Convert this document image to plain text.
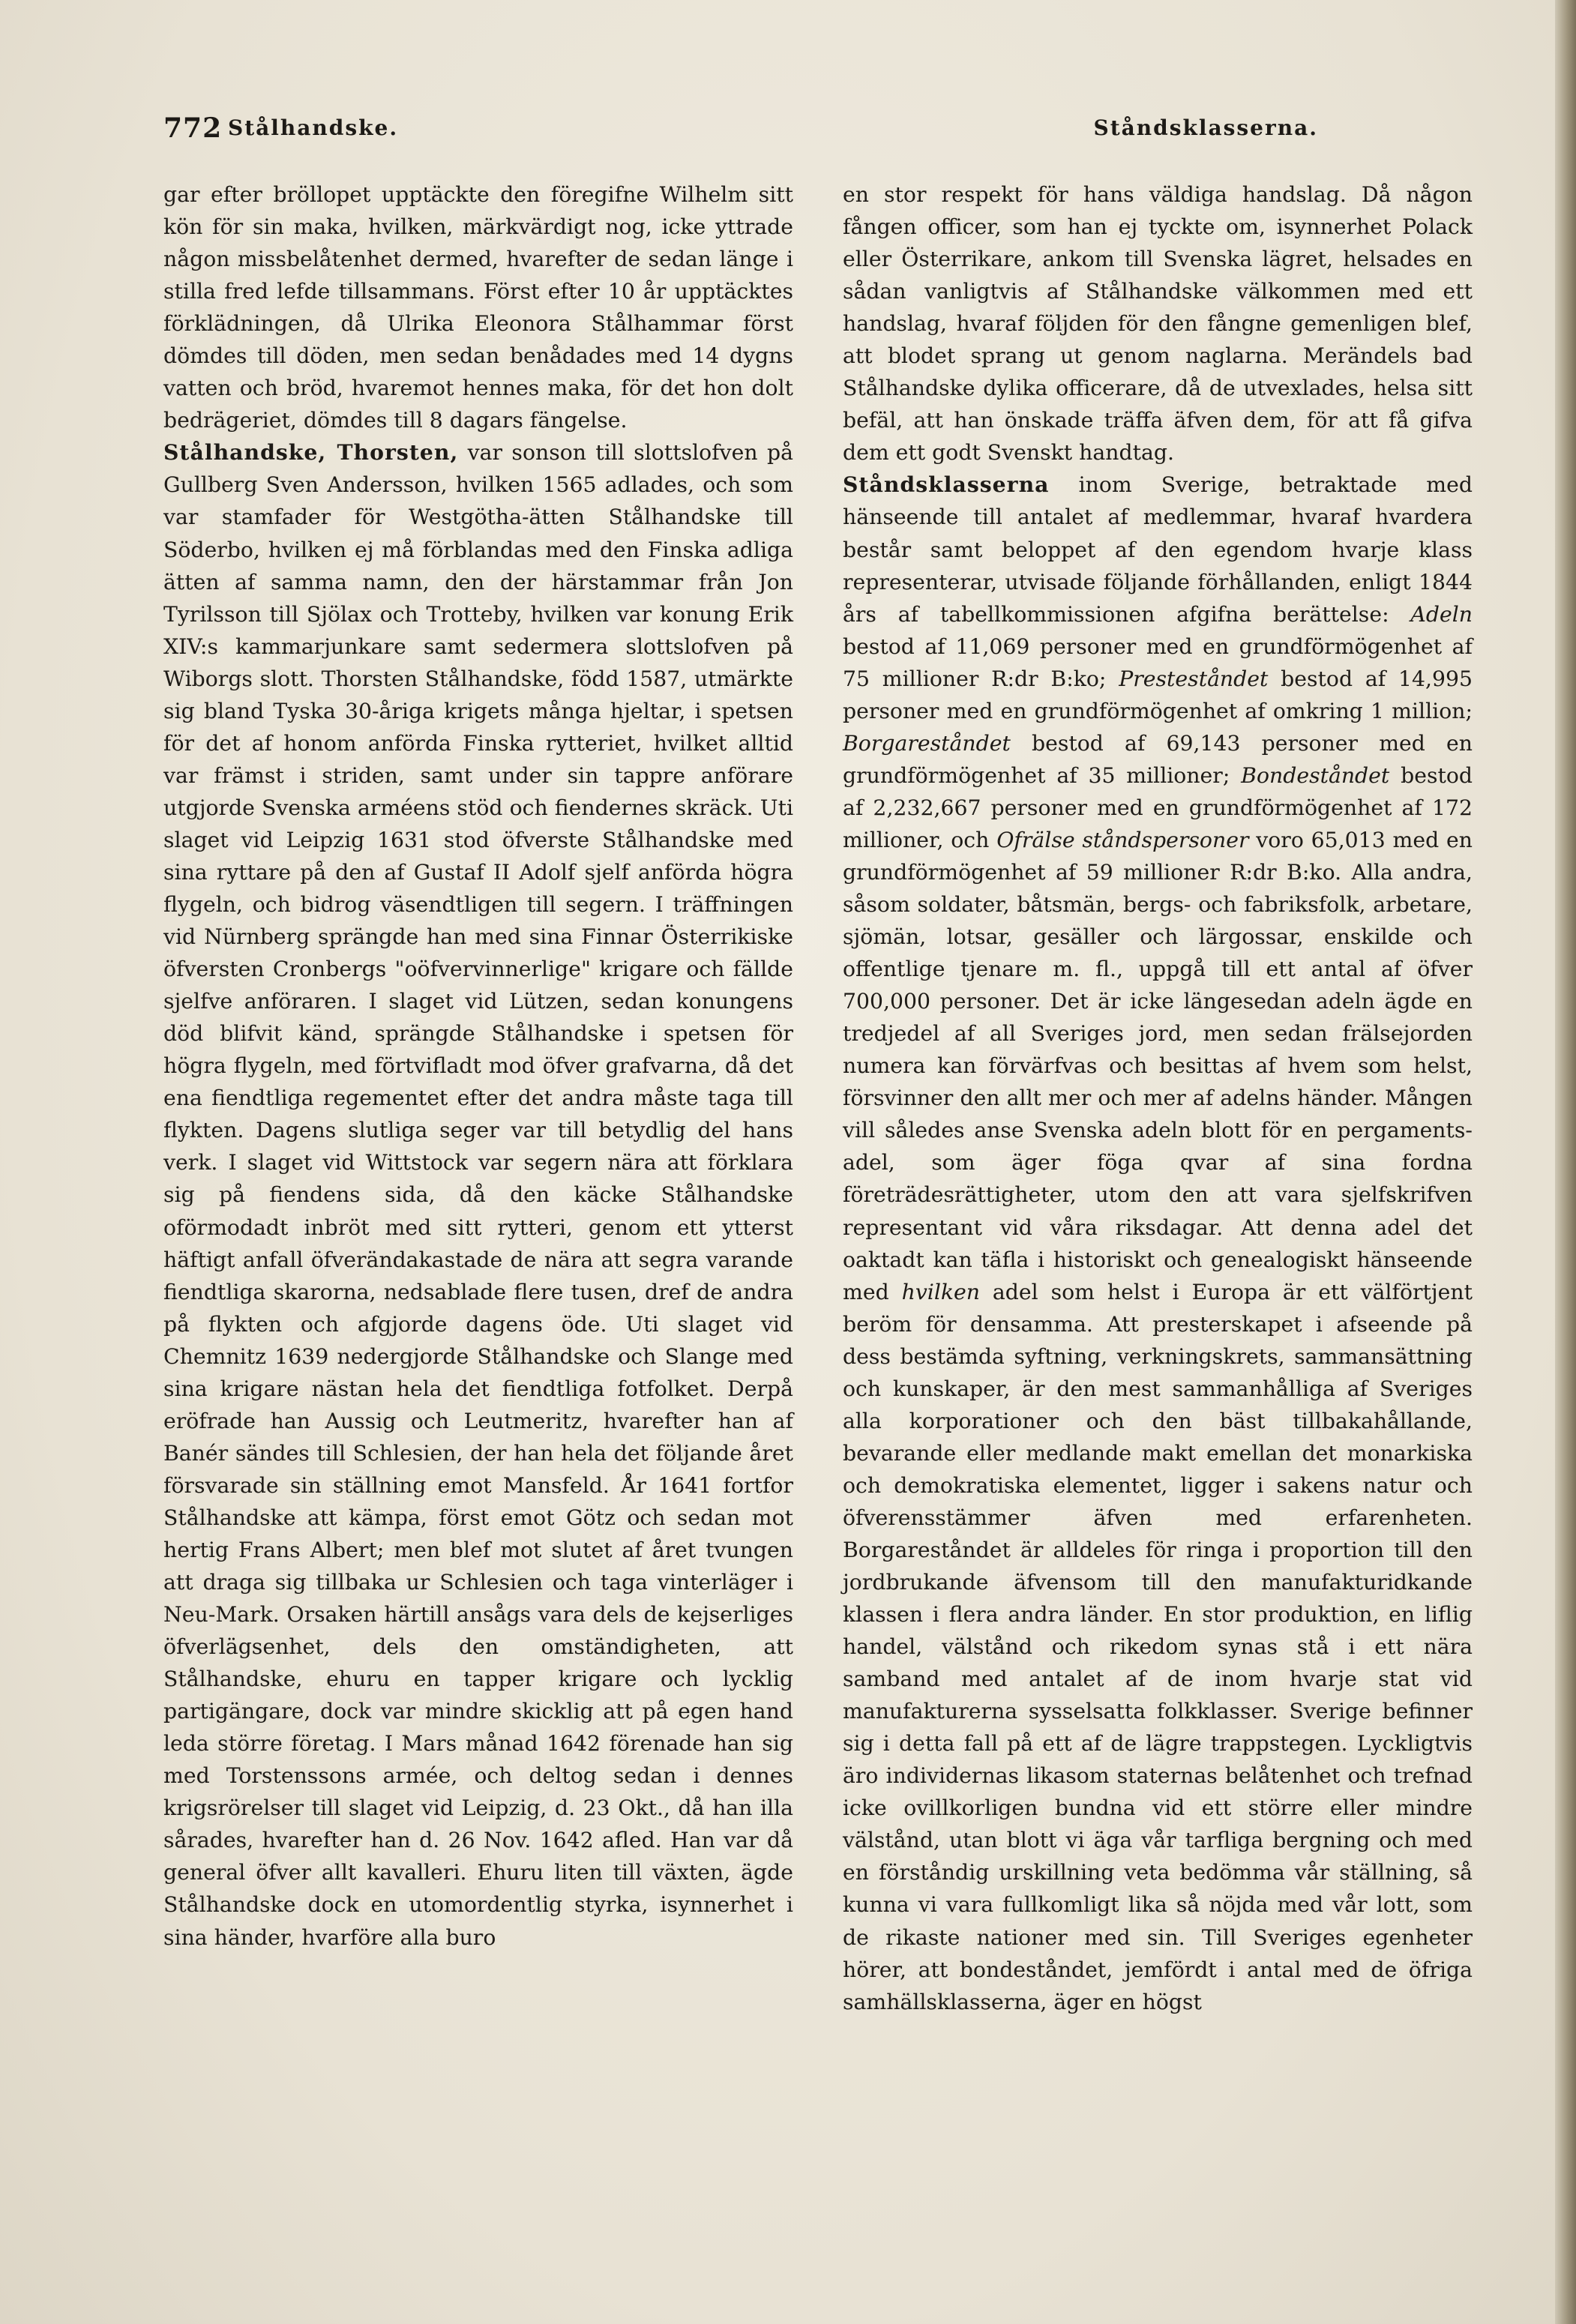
772 Stålhandske.	Ståndsklasserna.

gar efter bröllopet upptäckte den föregifne Wilhelm sitt kön för sin maka, hvilken, märkvärdigt nog, icke yttrade någon missbelåtenhet dermed, hvarefter de sedan länge i stilla fred lefde tillsammans. Först efter 10 år upptäcktes förklädningen, då Ulrika Eleonora Stålhammar först dömdes till döden, men sedan benådades med 14 dygns vatten och bröd, hvaremot hennes maka, för det hon dolt bedrägeriet, dömdes till 8 dagars fängelse.

Stålhandske, Thorsten, var sonson till slottslofven på Gullberg Sven Andersson, hvilken 1565 adlades, och som var stamfader för Westgötha-ätten Stålhandske till Söderbo, hvilken ej må förblandas med den Finska adliga ätten af samma namn, den der härstammar från Jon Tyrilsson till Sjölax och Trotteby, hvilken var konung Erik XIV:s kammarjunkare samt sedermera slottslofven på Wiborgs slott. Thorsten Stålhandske, född 1587, utmärkte sig bland Tyska 30-åriga krigets många hjeltar, i spetsen för det af honom anförda Finska rytteriet, hvilket alltid var främst i striden, samt under sin tappre anförare utgjorde Svenska arméens stöd och fiendernes skräck. Uti slaget vid Leipzig 1631 stod öfverste Stålhandske med sina ryttare på den af Gustaf II Adolf sjelf anförda högra flygeln, och bidrog väsendtligen till segern. I träffningen vid Nürnberg sprängde han med sina Finnar Österrikiske öfversten Cronbergs "oöfvervinnerlige" krigare och fällde sjelfve anföraren. I slaget vid Lützen, sedan konungens död blifvit känd, sprängde Stålhandske i spetsen för högra flygeln, med förtvifladt mod öfver grafvarna, då det ena fiendtliga regementet efter det andra måste taga till flykten. Dagens slutliga seger var till betydlig del hans verk. I slaget vid Wittstock var segern nära att förklara sig på fiendens sida, då den käcke Stålhandske oförmodadt inbröt med sitt rytteri, genom ett ytterst häftigt anfall öfverändakastade de nära att segra varande fiendtliga skarorna, nedsablade flere tusen, dref de andra på flykten och afgjorde dagens öde. Uti slaget vid Chemnitz 1639 nedergjorde Stålhandske och Slange med sina krigare nästan hela det fiendtliga fotfolket. Derpå eröfrade han Aussig och Leutmeritz, hvarefter han af Banér sändes till Schlesien, der han hela det följande året försvarade sin ställning emot Mansfeld. År 1641 fortfor Stålhandske att kämpa, först emot Götz och sedan mot hertig Frans Albert; men blef mot slutet af året tvungen att draga sig tillbaka ur Schlesien och taga vinterläger i Neu-Mark. Orsaken härtill ansågs vara dels de kejserliges öfverlägsenhet, dels den omständigheten, att Stålhandske, ehuru en tapper krigare och lycklig partigängare, dock var mindre skicklig att på egen hand leda större företag. I Mars månad 1642 förenade han sig med Torstenssons armée, och deltog sedan i dennes krigsrörelser till slaget vid Leipzig, d. 23 Okt., då han illa sårades, hvarefter han d. 26 Nov. 1642 afled. Han var då general öfver allt kavalleri. Ehuru liten till växten, ägde Stålhandske dock en utomordentlig styrka, isynnerhet i sina händer, hvarföre alla buro

en stor respekt för hans väldiga handslag. Då någon fången officer, som han ej tyckte om, isynnerhet Polack eller Österrikare, ankom till Svenska lägret, helsades en sådan vanligtvis af Stålhandske välkommen med ett handslag, hvaraf följden för den fångne gemenligen blef, att blodet sprang ut genom naglarna. Merändels bad Stålhandske dylika officerare, då de utvexlades, helsa sitt befäl, att han önskade träffa äfven dem, för att få gifva dem ett godt Svenskt handtag.

Ståndsklasserna inom Sverige, betraktade med hänseende till antalet af medlemmar, hvaraf hvardera består samt beloppet af den egendom hvarje klass representerar, utvisade följande förhållanden, enligt 1844 års af tabellkommissionen afgifna berättelse: Adeln bestod af 11,069 personer med en grundförmögenhet af 75 millioner R:dr B:ko; Presteståndet bestod af 14,995 personer med en grundförmögenhet af omkring 1 million; Borgareståndet bestod af 69,143 personer med en grundförmögenhet af 35 millioner; Bondeståndet bestod af 2,232,667 personer med en grundförmögenhet af 172 millioner, och Ofrälse ståndspersoner voro 65,013 med en grundförmögenhet af 59 millioner R:dr B:ko. Alla andra, såsom soldater, båtsmän, bergs- och fabriksfolk, arbetare, sjömän, lotsar, gesäller och lärgossar, enskilde och offentlige tjenare m. fl., uppgå till ett antal af öfver 700,000 personer. Det är icke längesedan adeln ägde en tredjedel af all Sveriges jord, men sedan frälsejorden numera kan förvärfvas och besittas af hvem som helst, försvinner den allt mer och mer af adelns händer. Mången vill således anse Svenska adeln blott för en pergaments-adel, som äger föga qvar af sina fordna företrädesrättigheter, utom den att vara sjelfskrifven representant vid våra riksdagar. Att denna adel det oaktadt kan täfla i historiskt och genealogiskt hänseende med hvilken adel som helst i Europa är ett välförtjent beröm för densamma. Att presterskapet i afseende på dess bestämda syftning, verkningskrets, sammansättning och kunskaper, är den mest sammanhålliga af Sveriges alla korporationer och den bäst tillbakahållande, bevarande eller medlande makt emellan det monarkiska och demokratiska elementet, ligger i sakens natur och öfverensstämmer äfven med erfarenheten. Borgareståndet är alldeles för ringa i proportion till den jordbrukande äfvensom till den manufakturidkande klassen i flera andra länder. En stor produktion, en liflig handel, välstånd och rikedom synas stå i ett nära samband med antalet af de inom hvarje stat vid manufakturerna sysselsatta folkklasser. Sverige befinner sig i detta fall på ett af de lägre trappstegen. Lyckligtvis äro individernas likasom staternas belåtenhet och trefnad icke ovillkorligen bundna vid ett större eller mindre välstånd, utan blott vi äga vår tarfliga bergning och med en förståndig urskillning veta bedömma vår ställning, så kunna vi vara fullkomligt lika så nöjda med vår lott, som de rikaste nationer med sin. Till Sveriges egenheter hörer, att bondeståndet, jemfördt i antal med de öfriga samhällsklasserna, äger en högst
